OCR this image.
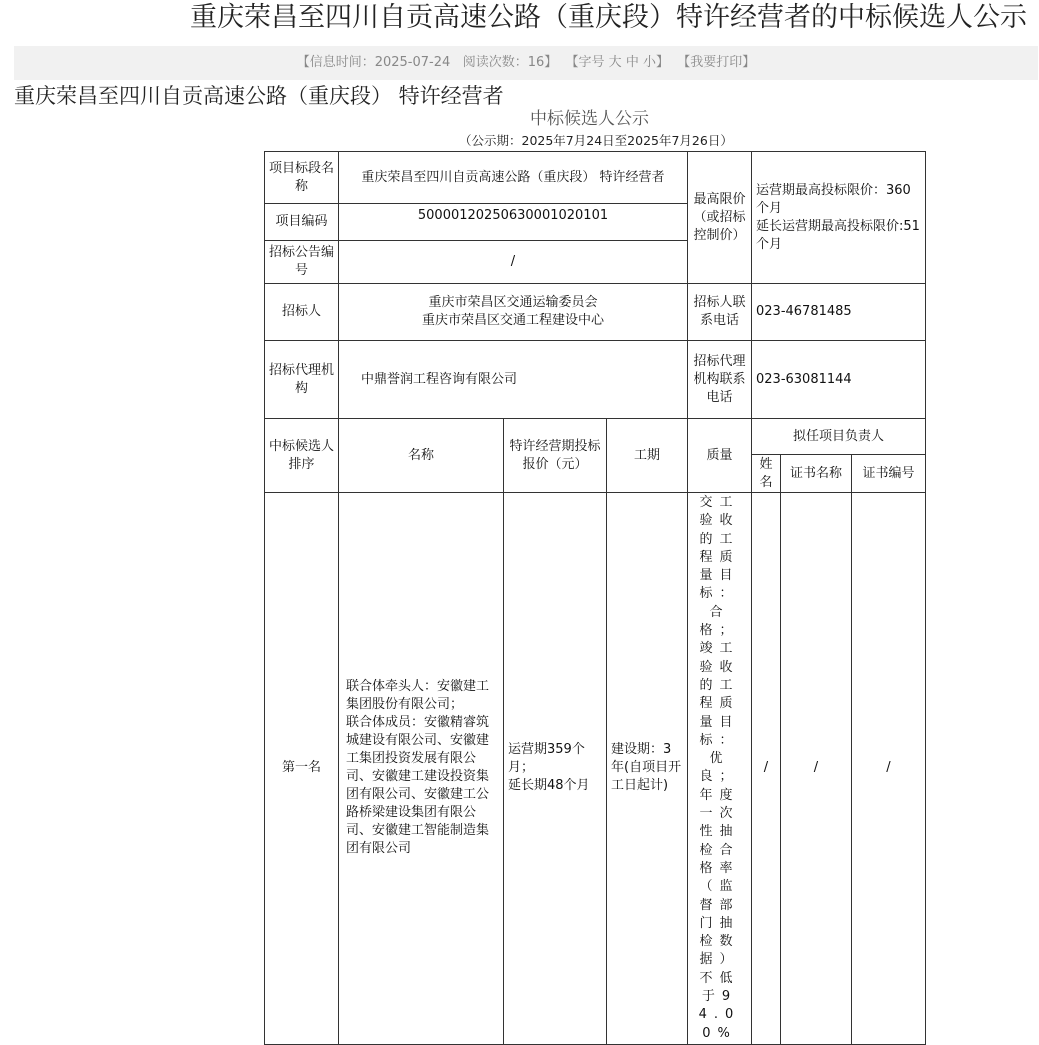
重庆荣昌至四川自贡高速公路（重庆段）特许经营者的中标候选人公示
【信息时间：2025-07-24 阅读次数：16】 【字号 大 中 小】 【我要打印】
重庆荣昌至四川自贡高速公路（重庆段） 特许经营者
中标候选人公示
（公示期：2025年7月24日至2025年7月26日）
项目标段名称	重庆荣昌至四川自贡高速公路（重庆段） 特许经营者			最高限价（或招标控制价）	运营期最高投标限价：360个月
延长运营期最高投标限价:51个月		
项目编码	500001202506300010201​01						
招标公告编号	/						
招标人	重庆市荣昌区交通运输委员会
重庆市荣昌区交通工程建设中心			招标人联系电话	023-46781485		
招标代理机构	中鼎誉润工程咨询有限公司			招标代理机构联系电话	023-63081144		
中标候选人排序	名称	特许经营期投标报价（元）	工期	质量	拟任项目负责人		
					姓名	证书名称	证书编号
第一名	联合体牵头人：安徽建工集团股份有限公司；
联合体成员：安徽精睿筑城建设有限公司、安徽建工集团投资发展有限公司、安徽建工建设投资集团有限公司、安徽建工公路桥梁建设集团有限公司、安徽建工智能制造集团有限公司	运营期359个月；
延长期48个月	建设期：3年(自项目开工日起计)	交工验收的工程质量目标：合格；竣工验收的工程质量目标：优良；年度一次性抽检合格率（监督部门抽检数据）不低于94.00%	/	/	/
